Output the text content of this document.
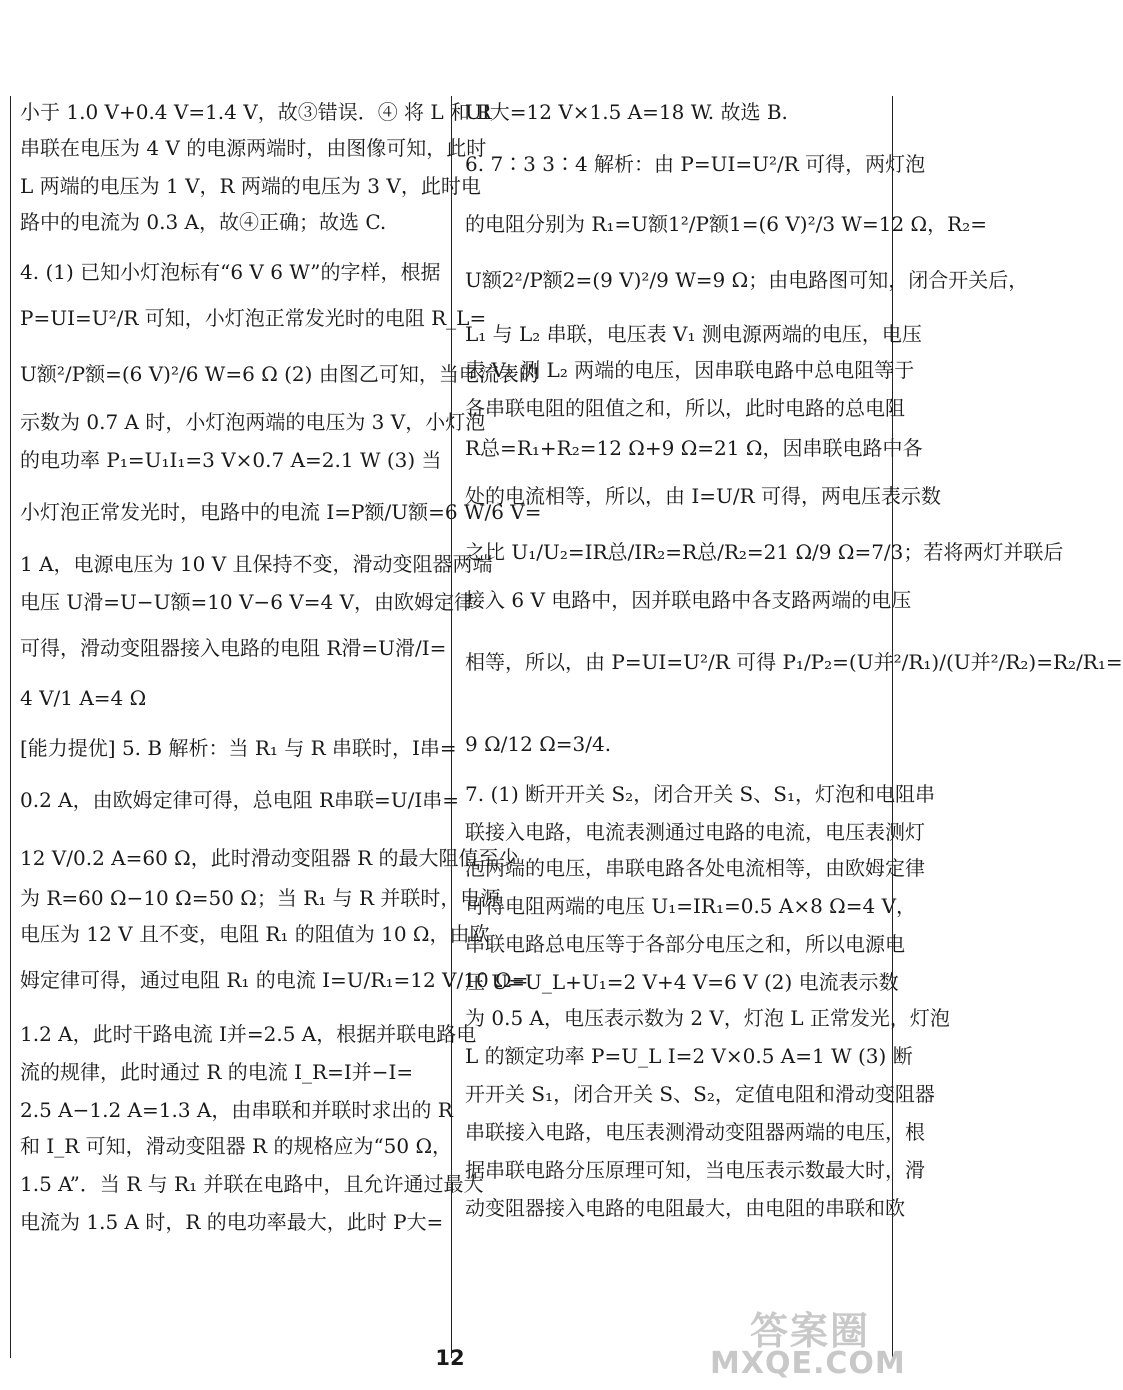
小于 1.0 V+0.4 V=1.4 V，故③错误．④ 将 L 和 R
串联在电压为 4 V 的电源两端时，由图像可知，此时
L 两端的电压为 1 V，R 两端的电压为 3 V，此时电
路中的电流为 0.3 A，故④正确；故选 C.
4. (1) 已知小灯泡标有“6 V 6 W”的字样，根据
P=UI=U²/R 可知，小灯泡正常发光时的电阻 R_L=
U额²/P额=(6 V)²/6 W=6 Ω (2) 由图乙可知，当电流表的
示数为 0.7 A 时，小灯泡两端的电压为 3 V，小灯泡
的电功率 P₁=U₁I₁=3 V×0.7 A=2.1 W (3) 当
小灯泡正常发光时，电路中的电流 I=P额/U额=6 W/6 V=
1 A，电源电压为 10 V 且保持不变，滑动变阻器两端
电压 U滑=U−U额=10 V−6 V=4 V，由欧姆定律
可得，滑动变阻器接入电路的电阻 R滑=U滑/I=
4 V/1 A=4 Ω
[能力提优] 5. B 解析：当 R₁ 与 R 串联时，I串=
0.2 A，由欧姆定律可得，总电阻 R串联=U/I串=
12 V/0.2 A=60 Ω，此时滑动变阻器 R 的最大阻值至少
为 R=60 Ω−10 Ω=50 Ω；当 R₁ 与 R 并联时，电源
电压为 12 V 且不变，电阻 R₁ 的阻值为 10 Ω，由欧
姆定律可得，通过电阻 R₁ 的电流 I=U/R₁=12 V/10 Ω=
1.2 A，此时干路电流 I并=2.5 A，根据并联电路电
流的规律，此时通过 R 的电流 I_R=I并−I=
2.5 A−1.2 A=1.3 A，由串联和并联时求出的 R
和 I_R 可知，滑动变阻器 R 的规格应为“50 Ω，
1.5 A”．当 R 与 R₁ 并联在电路中，且允许通过最大
电流为 1.5 A 时，R 的电功率最大，此时 P大=
UI大=12 V×1.5 A=18 W. 故选 B.
6. 7∶3 3∶4 解析：由 P=UI=U²/R 可得，两灯泡
的电阻分别为 R₁=U额1²/P额1=(6 V)²/3 W=12 Ω，R₂=
U额2²/P额2=(9 V)²/9 W=9 Ω；由电路图可知，闭合开关后，
L₁ 与 L₂ 串联，电压表 V₁ 测电源两端的电压，电压
表 V₂ 测 L₂ 两端的电压，因串联电路中总电阻等于
各串联电阻的阻值之和，所以，此时电路的总电阻
R总=R₁+R₂=12 Ω+9 Ω=21 Ω，因串联电路中各
处的电流相等，所以，由 I=U/R 可得，两电压表示数
之比 U₁/U₂=IR总/IR₂=R总/R₂=21 Ω/9 Ω=7/3；若将两灯并联后
接入 6 V 电路中，因并联电路中各支路两端的电压
相等，所以，由 P=UI=U²/R 可得 P₁/P₂=(U并²/R₁)/(U并²/R₂)=R₂/R₁=
9 Ω/12 Ω=3/4.
7. (1) 断开开关 S₂，闭合开关 S、S₁，灯泡和电阻串
联接入电路，电流表测通过电路的电流，电压表测灯
泡两端的电压，串联电路各处电流相等，由欧姆定律
可得电阻两端的电压 U₁=IR₁=0.5 A×8 Ω=4 V，
串联电路总电压等于各部分电压之和，所以电源电
压 U=U_L+U₁=2 V+4 V=6 V (2) 电流表示数
为 0.5 A，电压表示数为 2 V，灯泡 L 正常发光，灯泡
L 的额定功率 P=U_L I=2 V×0.5 A=1 W (3) 断
开开关 S₁，闭合开关 S、S₂，定值电阻和滑动变阻器
串联接入电路，电压表测滑动变阻器两端的电压，根
据串联电路分压原理可知，当电压表示数最大时，滑
动变阻器接入电路的电阻最大，由电阻的串联和欧
12
答案圈
MXQE.COM
